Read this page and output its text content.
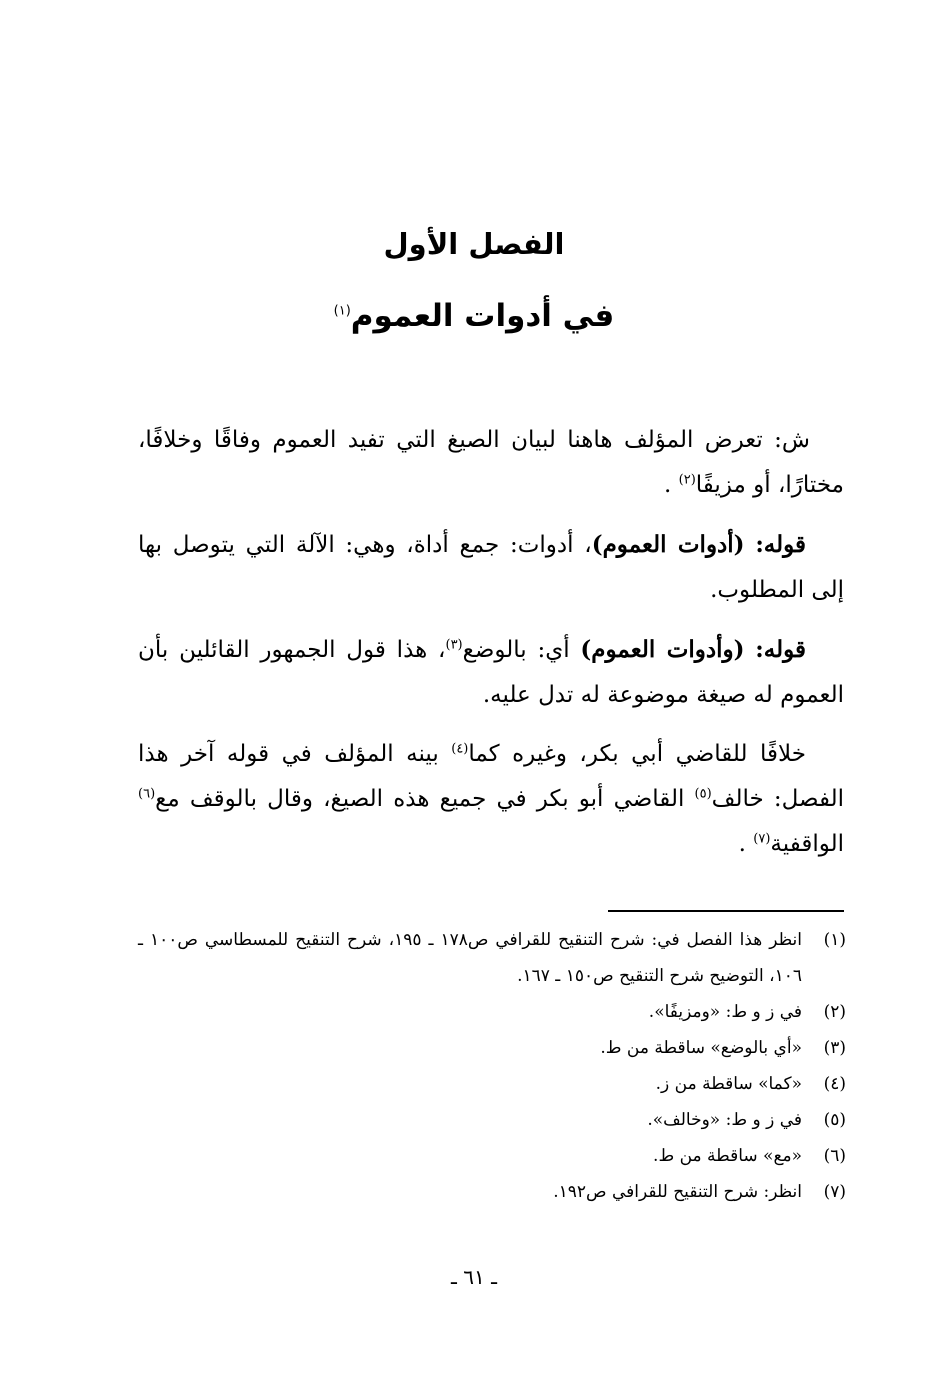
الفصل الأول
في أدوات العموم$^{(١)}$

ش: تعرض المؤلف هاهنا لبيان الصيغ التي تفيد العموم وفاقًا وخلافًا، مختارًا، أو مزيفًا$^{(٢)}$ .

قوله: (أدوات العموم)، أدوات: جمع أداة، وهي: الآلة التي يتوصل بها إلى المطلوب.

قوله: (وأدوات العموم) أي: بالوضع$^{(٣)}$، هذا قول الجمهور القائلين بأن العموم له صيغة موضوعة له تدل عليه.

خلافًا للقاضي أبي بكر، وغيره كما$^{(٤)}$ بينه المؤلف في قوله آخر هذا الفصل: خالف$^{(٥)}$ القاضي أبو بكر في جميع هذه الصيغ، وقال بالوقف مع$^{(٦)}$ الواقفية$^{(٧)}$ .

(١)
انظر هذا الفصل في: شرح التنقيح للقرافي ص١٧٨ ـ ١٩٥، شرح التنقيح للمسطاسي ص١٠٠ ـ ١٠٦، التوضيح شرح التنقيح ص١٥٠ ـ ١٦٧.
(٢)
في ز و ط: «ومزيفًا».
(٣)
«أي بالوضع» ساقطة من ط.
(٤)
«كما» ساقطة من ز.
(٥)
في ز و ط: «وخالف».
(٦)
«مع» ساقطة من ط.
(٧)
انظر: شرح التنقيح للقرافي ص١٩٢.
ـ ٦١ ـ
